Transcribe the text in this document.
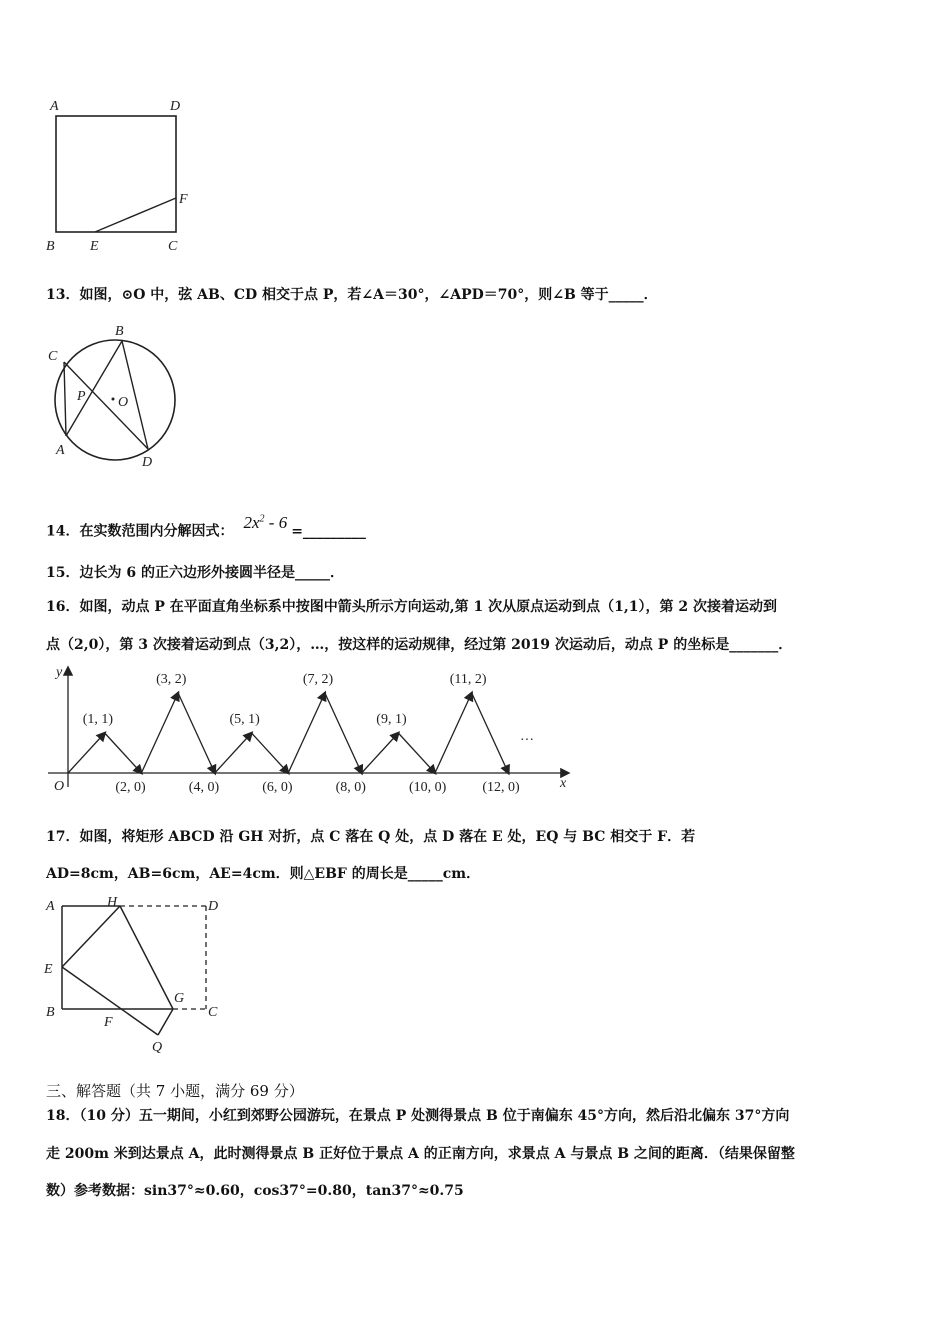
A	D
B	E	C
F
13．如图，⊙O 中，弦 AB、CD 相交于点 P，若∠A＝30°，∠APD＝70°，则∠B 等于_____．
B
C
P O
A
D
14．在实数范围内分解因式： $2x^2 - 6$ =_________
15．边长为 6 的正六边形外接圆半径是_____．
16．如图，动点 P 在平面直角坐标系中按图中箭头所示方向运动,第 1 次从原点运动到点（1,1），第 2 次接着运动到
点（2,0），第 3 次接着运动到点（3,2），…，按这样的运动规律，经过第 2019 次运动后，动点 P 的坐标是_______．
y
x
O
(1, 1)
(3, 2)
(5, 1)
(7, 2)
(9, 1)
(11, 2)
(2, 0)	(4, 0)	(6, 0)	(8, 0)	(10, 0)	(12, 0)
···
17．如图，将矩形 ABCD 沿 GH 对折，点 C 落在 Q 处，点 D 落在 E 处，EQ 与 BC 相交于 F．若
AD=8cm，AB=6cm，AE=4cm．则△EBF 的周长是_____cm．
A	H	D
E
B
F
G
C
Q
三、解答题（共 7 小题，满分 69 分）
18．（10 分）五一期间，小红到郊野公园游玩，在景点 P 处测得景点 B 位于南偏东 45°方向，然后沿北偏东 37°方向
走 200m 米到达景点 A，此时测得景点 B 正好位于景点 A 的正南方向，求景点 A 与景点 B 之间的距离．（结果保留整
数）参考数据：sin37°≈0.60，cos37°=0.80，tan37°≈0.75
